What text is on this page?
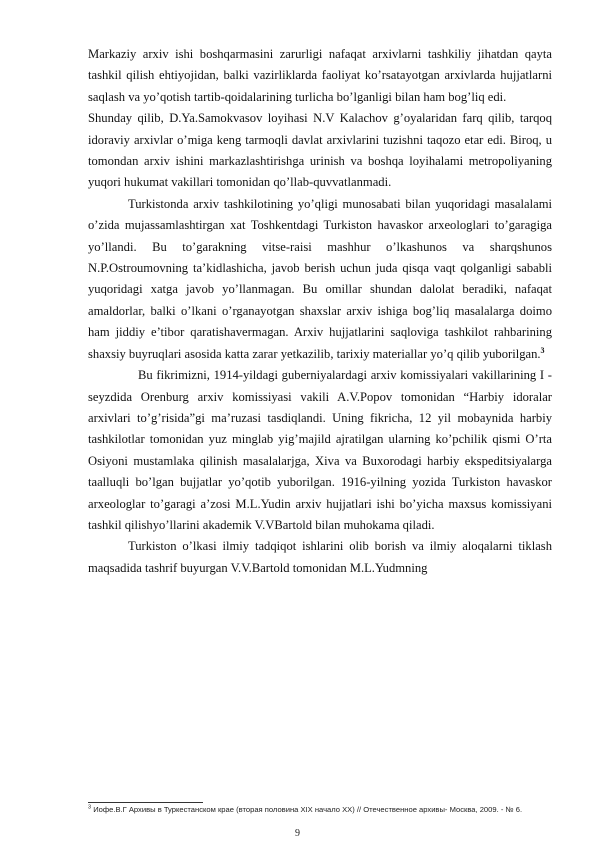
Markaziy arxiv ishi boshqarmasini zarurligi nafaqat arxivlarni tashkiliy jihatdan qayta tashkil qilish ehtiyojidan, balki vazirliklarda faoliyat ko’rsatayotgan arxivlarda hujjatlarni saqlash va yo’qotish tartib-qoidalarining turlicha bo’lganligi bilan ham bog’liq edi.

Shunday qilib, D.Ya.Samokvasov loyihasi N.V Kalachov g’oyalaridan farq qilib, tarqoq idoraviy arxivlar o’miga keng tarmoqli davlat arxivlarini tuzishni taqozo etar edi. Biroq, u tomondan arxiv ishini markazlashtirishga urinish va boshqa loyihalami metropoliyaning yuqori hukumat vakillari tomonidan qo’llab-quvvatlanmadi.

Turkistonda arxiv tashkilotining yo’qligi munosabati bilan yuqoridagi masalalami o’zida mujassamlashtirgan xat Toshkentdagi Turkiston havaskor arxeologlari to’garagiga yo’llandi. Bu to’garakning vitse-raisi mashhur o’lkashunos va sharqshunos N.P.Ostroumovning ta’kidlashicha, javob berish uchun juda qisqa vaqt qolganligi sababli yuqoridagi xatga javob yo’llanmagan. Bu omillar shundan dalolat beradiki, nafaqat amaldorlar, balki o’lkani o’rganayotgan shaxslar arxiv ishiga bog’liq masalalarga doimo ham jiddiy e’tibor qaratishavermagan. Arxiv hujjatlarini saqloviga tashkilot rahbarining shaxsiy buyruqlari asosida katta zarar yetkazilib, tarixiy materiallar yo’q qilib yuborilgan.$^3$

Bu fikrimizni, 1914-yildagi guberniyalardagi arxiv komissiyalari vakillarining I - seyzdida Orenburg arxiv komissiyasi vakili A.V.Popov tomonidan “Harbiy idoralar arxivlari to’g’risida”gi ma’ruzasi tasdiqlandi. Uning fikricha, 12 yil mobaynida harbiy tashkilotlar tomonidan yuz minglab yig’majild ajratilgan ularning ko’pchilik qismi O’rta Osiyoni mustamlaka qilinish masalalarjga, Xiva va Buxorodagi harbiy ekspeditsiyalarga taalluqli bo’lgan bujjatlar yo’qotib yuborilgan. 1916-yilning yozida Turkiston havaskor arxeologlar to’garagi a’zosi M.L.Yudin arxiv hujjatlari ishi bo’yicha maxsus komissiyani tashkil qilishyo’llarini akademik V.VBartold bilan muhokama qiladi.

Turkiston o’lkasi ilmiy tadqiqot ishlarini olib borish va ilmiy aloqalarni tiklash maqsadida tashrif buyurgan V.V.Bartold tomonidan M.L.Yudmning

$^3$ Иофе.В.Г Архивы в Туркестанском крае (вторая половина XIX начало XX) // Отечественное архивы- Москва, 2009. - № 6.
9
